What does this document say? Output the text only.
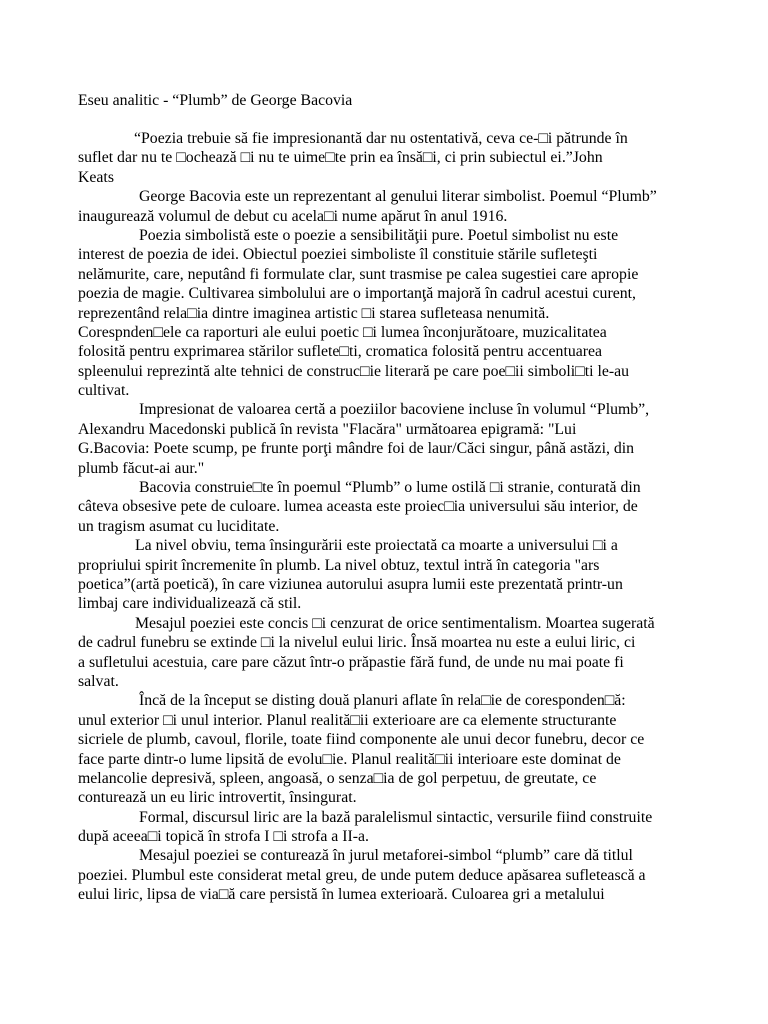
Eseu analitic - “Plumb” de George Bacovia
“Poezia trebuie să fie impresionantă dar nu ostentativă, ceva ce-□i pătrunde în
suflet dar nu te □ochează □i nu te uime□te prin ea însă□i, ci prin subiectul ei.”John
Keats
George Bacovia este un reprezentant al genului literar simbolist. Poemul “Plumb”
inaugurează volumul de debut cu acela□i nume apărut în anul 1916.
Poezia simbolistă este o poezie a sensibilităţii pure. Poetul simbolist nu este
interest de poezia de idei. Obiectul poeziei simboliste îl constituie stările sufleteşti
nelămurite, care, neputând fi formulate clar, sunt trasmise pe calea sugestiei care apropie
poezia de magie. Cultivarea simbolului are o importanţă majoră în cadrul acestui curent,
reprezentând rela□ia dintre imaginea artistic □i starea sufleteasa nenumită.
Corespnden□ele ca raporturi ale eului poetic □i lumea înconjurătoare, muzicalitatea
folosită pentru exprimarea stărilor suflete□ti, cromatica folosită pentru accentuarea
spleenului reprezintă alte tehnici de construc□ie literară pe care poe□ii simboli□ti le-au
cultivat.
Impresionat de valoarea certă a poeziilor bacoviene incluse în volumul “Plumb”,
Alexandru Macedonski publică în revista "Flacăra" următoarea epigramă: "Lui
G.Bacovia: Poete scump, pe frunte porţi mândre foi de laur/Căci singur, până astăzi, din
plumb făcut-ai aur."
Bacovia construie□te în poemul “Plumb” o lume ostilă □i stranie, conturată din
câteva obsesive pete de culoare. lumea aceasta este proiec□ia universului său interior, de
un tragism asumat cu luciditate.
La nivel obviu, tema însingurării este proiectată ca moarte a universului □i a
propriului spirit încremenite în plumb. La nivel obtuz, textul intră în categoria "ars
poetica”(artă poetică), în care viziunea autorului asupra lumii este prezentată printr-un
limbaj care individualizează că stil.
Mesajul poeziei este concis □i cenzurat de orice sentimentalism. Moartea sugerată
de cadrul funebru se extinde □i la nivelul eului liric. Însă moartea nu este a eului liric, ci
a sufletului acestuia, care pare căzut într-o prăpastie fără fund, de unde nu mai poate fi
salvat.
Încă de la început se disting două planuri aflate în rela□ie de coresponden□ă:
unul exterior □i unul interior. Planul realită□ii exterioare are ca elemente structurante
sicriele de plumb, cavoul, florile, toate fiind componente ale unui decor funebru, decor ce
face parte dintr-o lume lipsită de evolu□ie. Planul realită□ii interioare este dominat de
melancolie depresivă, spleen, angoasă, o senza□ia de gol perpetuu, de greutate, ce
conturează un eu liric introvertit, însingurat.
Formal, discursul liric are la bază paralelismul sintactic, versurile fiind construite
după aceea□i topică în strofa I □i strofa a II-a.
Mesajul poeziei se conturează în jurul metaforei-simbol “plumb” care dă titlul
poeziei. Plumbul este considerat metal greu, de unde putem deduce apăsarea sufletească a
eului liric, lipsa de via□ă care persistă în lumea exterioară. Culoarea gri a metalului
